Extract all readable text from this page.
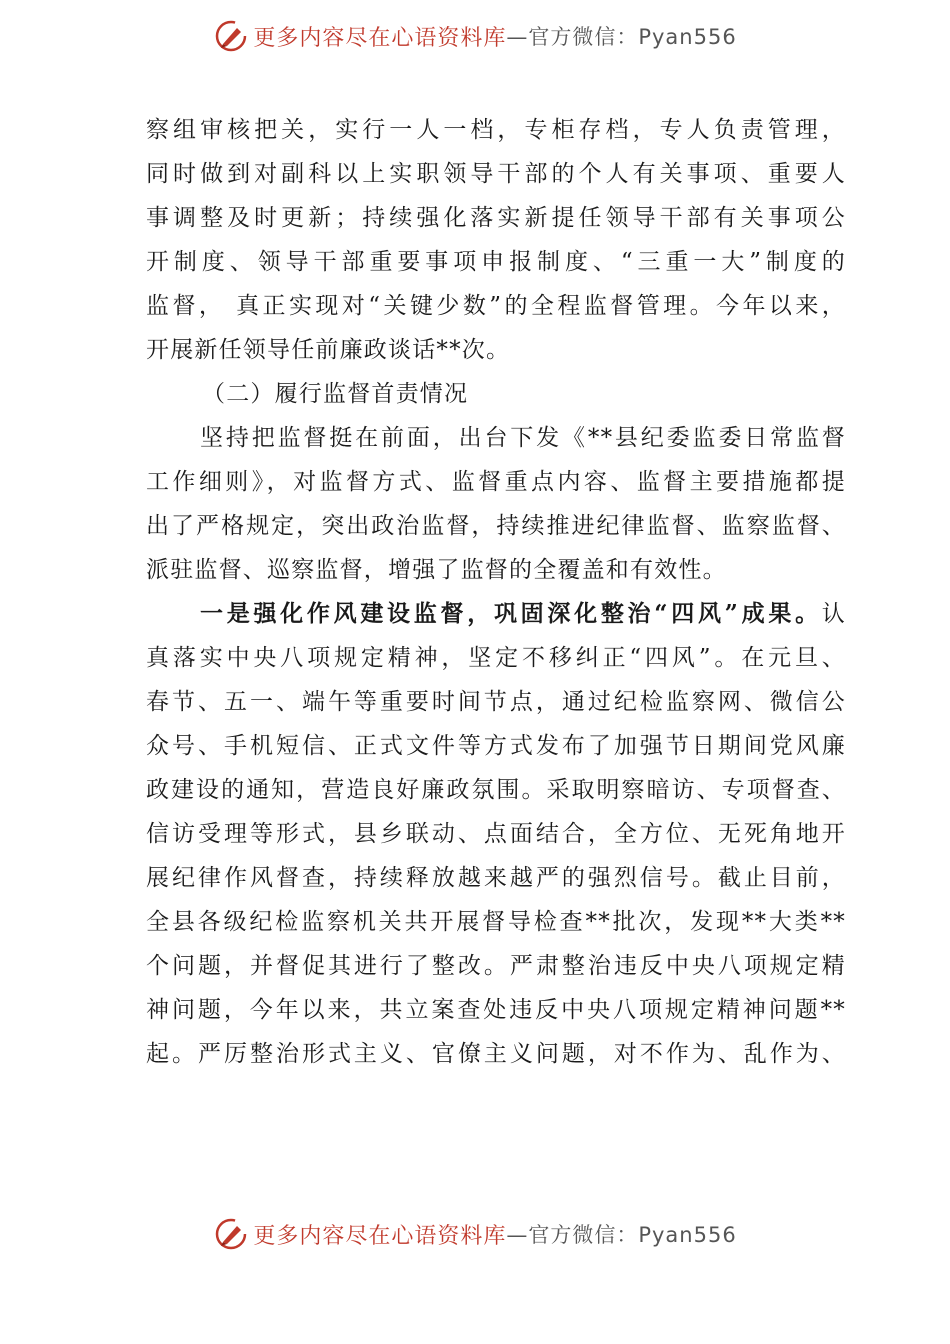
更多内容尽在心语资料库 —官方微信：Pyan556
察组审核把关，实行一人一档，专柜存档，专人负责管理，
同时做到对副科以上实职领导干部的个人有关事项、重要人
事调整及时更新；持续强化落实新提任领导干部有关事项公
开制度、领导干部重要事项申报制度、“三重一大”制度的
监督， 真正实现对“关键少数”的全程监督管理。今年以来，
开展新任领导任前廉政谈话**次。
（二）履行监督首责情况
坚持把监督挺在前面，出台下发《**县纪委监委日常监督
工作细则》，对监督方式、监督重点内容、监督主要措施都提
出了严格规定，突出政治监督，持续推进纪律监督、监察监督、
派驻监督、巡察监督，增强了监督的全覆盖和有效性。
一是强化作风建设监督，巩固深化整治“四风”成果。认
真落实中央八项规定精神，坚定不移纠正“四风”。在元旦、
春节、五一、端午等重要时间节点，通过纪检监察网、微信公
众号、手机短信、正式文件等方式发布了加强节日期间党风廉
政建设的通知，营造良好廉政氛围。采取明察暗访、专项督查、
信访受理等形式，县乡联动、点面结合，全方位、无死角地开
展纪律作风督查，持续释放越来越严的强烈信号。截止目前，
全县各级纪检监察机关共开展督导检查**批次，发现**大类**
个问题，并督促其进行了整改。严肃整治违反中央八项规定精
神问题，今年以来，共立案查处违反中央八项规定精神问题**
起。严厉整治形式主义、官僚主义问题，对不作为、乱作为、
更多内容尽在心语资料库 —官方微信：Pyan556
